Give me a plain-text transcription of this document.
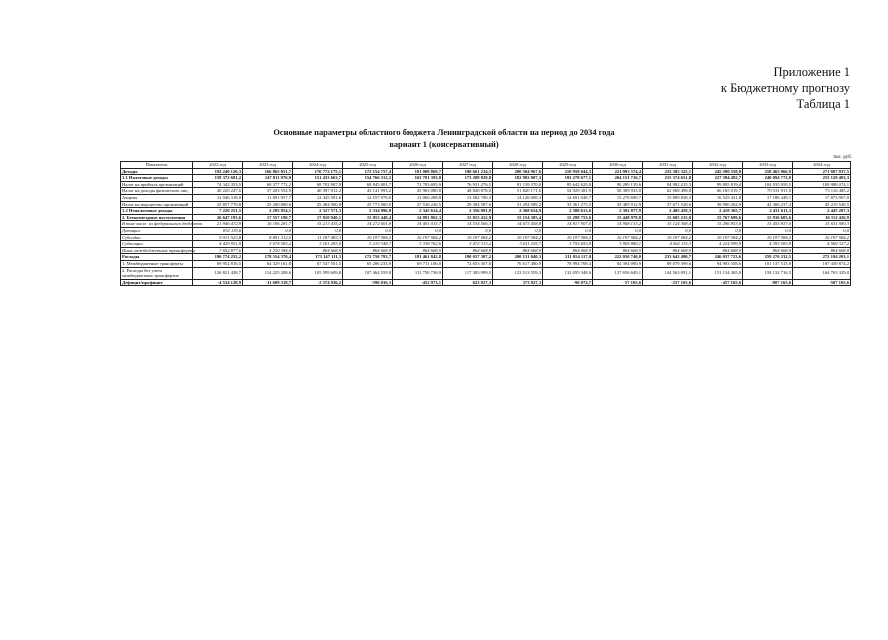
Приложение 1
к Бюджетному прогнозу
Таблица 1
Основные параметры областного бюджета Ленинградской области на период до 2034 года
вариант 1 (консервативный)
тыс. руб.
Показатель	2022 год	2023 год	2024 год	2025 год	2026 год	2027 год	2028 год	2029 год	2030 год	2031 год	2032 год	2033 год	2034 год
Доходы	192 240 126,3	166 865 051,7	170 772 175,1	172 154 757,4	181 008 869,7	190 661 234,5	200 504 967,6	210 958 044,3	221 993 574,4	233 385 325,1	245 580 558,0	258 463 066,9	271 687 037,5
1.1 Налоговые доходы	158 372 681,2	147 011 976,9	151 433 663,7	154 766 312,2	163 781 393,0	173 288 829,8	182 982 007,3	193 278 677,1	204 151 716,7	215 374 651,8	227 394 492,7	240 094 772,0	253 129 403,3
Налог на прибыль организаций	74 342 353,5	68 377 772,2	68 702 907,9	68 845 801,7	72 783 695,9	76 931 276,5	81 139 370,0	85 642 625,0	90 289 139,6	94 982 215,3	99 895 819,4	104 935 950,5	109 988 074,1
Налог на доходы физических лиц	40 220 247,6	37 203 554,9	40 397 012,2	43 141 993,2	45 963 080,8	48 840 878,0	51 820 171,6	54 929 381,9	58 389 933,0	62 068 498,8	66 165 019,7	70 531 911,0	75 116 485,2
Акцизы	12 946 318,0	11 891 957,7	12 445 581,6	12 557 970,0	13 060 288,8	13 582 700,3	14 126 008,3	14 691 048,7	15 278 690,7	15 889 838,3	16 525 431,8	17 186 449,1	17 873 907,0
Налог на имущество организаций	25 857 770,8	25 200 000,0	25 484 900,0	25 773 000,0	27 536 240,5	29 384 587,0	31 294 589,2	33 361 275,5	35 485 912,9	37 671 528,0	39 990 262,9	42 366 237,4	45 219 548,5
1.2 Неналоговые доходы	7 220 251,5	2 295 854,1	2 327 571,3	2 334 996,8	2 345 614,4	2 356 991,8	2 368 654,9	2 380 613,6	2 392 877,9	2 405 458,3	2 418 365,7	2 431 611,3	2 445 207,3
2. Безвозмездные поступления	26 647 193,6	17 557 190,7	17 010 940,1	15 053 448,4	14 881 862,3	15 015 412,9	15 154 305,4	15 298 753,6	15 448 979,8	15 605 215,0	15 767 699,6	15 936 683,6	16 112 426,9
В том числе: из федерального бюджета	21 946 472,9	16 196 281,7	15 213 435,2	14 272 601,8	14 401 015,7	14 534 566,3	14 673 458,8	14 817 907,0	14 968 133,2	15 124 368,4	15 286 853,0	15 455 837,0	15 631 580,3
Дотации	832 119,6	0,0	0,0	0,0	0,0	0,0	0,0	0,0	0,0	0,0	0,0	0,0	0,0
Субсидии	9 031 523,8	8 891 312,5	11 187 483,3	10 197 584,2	10 197 584,2	10 197 584,2	10 197 584,2	10 197 584,2	10 197 584,2	10 197 584,2	10 197 584,2	10 197 584,2	10 197 584,2
Субвенции	4 429 951,9	3 074 583,2	3 161 283,0	3 210 348,7	3 338 762,6	3 472 313,2	3 611 205,7	3 755 653,9	3 905 880,1	4 062 115,3	4 224 599,9	4 393 583,9	4 569 327,2
Иные межбюджетные трансферты	7 652 877,6	4 230 384,0	864 668,9	864 668,9	864 668,9	864 668,9	864 668,9	864 668,9	864 668,9	864 668,9	864 668,9	864 668,9	864 668,9
Расходы	196 774 255,2	178 554 370,4	173 147 111,3	172 750 793,7	181 461 842,8	190 037 307,2	200 131 040,3	211 054 117,0	222 050 740,0	233 642 490,7	246 037 723,6	259 270 232,5	272 194 203,1
1. Межбюджетные трансферты	69 952 816,5	64 329 161,8	67 547 501,5	65 286 233,9	69 711 106,0	72 653 307,6	76 617 480,9	78 994 768,4	84 394 090,9	89 079 399,6	94 903 358,6	101 137 515,9	107 430 874,2
2. Расходы без учета межбюджетных трансфертов	126 821 438,7	114 225 208,6	105 599 609,8	107 464 559,8	111 750 736,9	117 383 999,5	123 513 559,3	132 059 348,6	137 656 649,1	144 563 091,1	151 134 365,0	158 132 716,5	164 763 329,0
Дефицит/профицит	-4 534 128,9	-11 689 318,7	-2 374 936,2	-596 036,3	-452 973,1	623 927,3	373 927,3	-96 072,7	-57 165,6	-257 165,6	-457 165,6	-807 165,6	-507 165,6
